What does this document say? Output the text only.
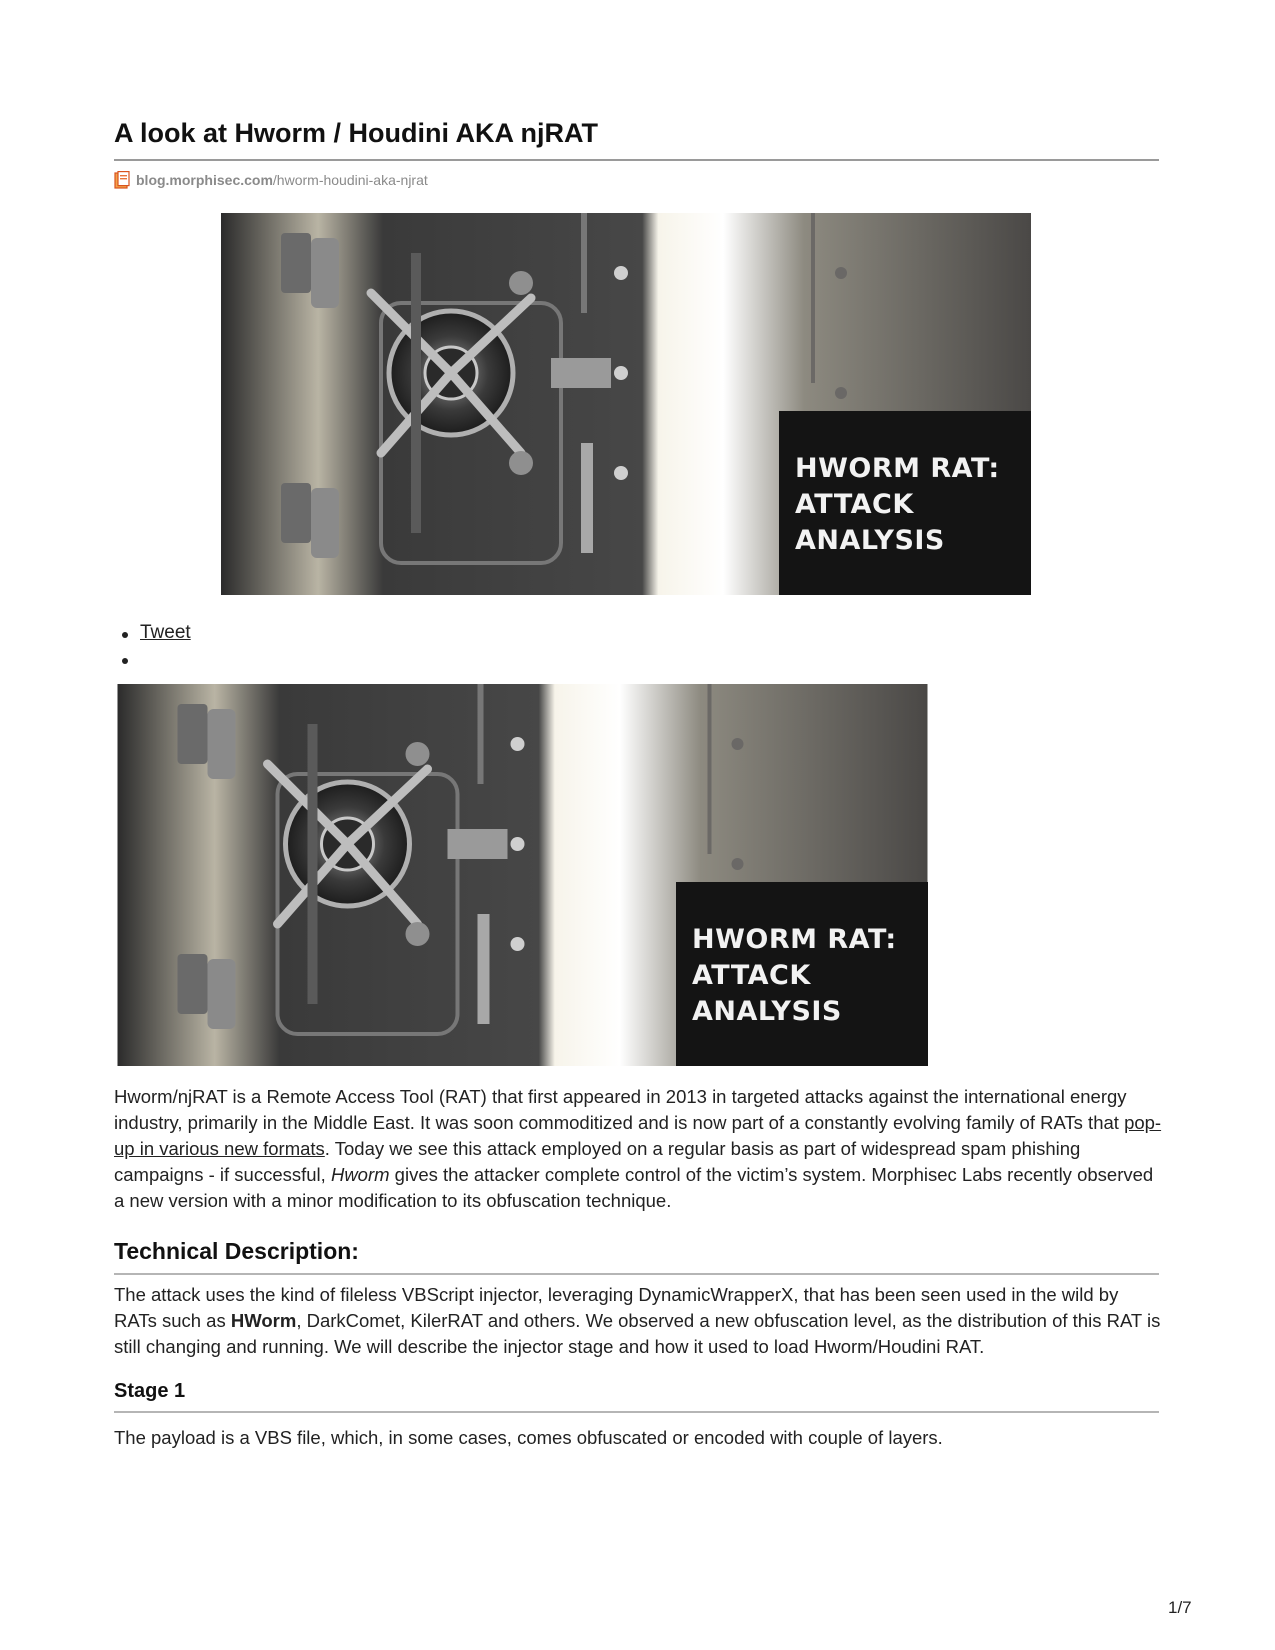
A look at Hworm / Houdini AKA njRAT
blog.morphisec.com /hworm-houdini-aka-njrat
HWORM RAT:
ATTACK
ANALYSIS
Tweet
HWORM RAT:
ATTACK
ANALYSIS

Hworm/njRAT is a Remote Access Tool (RAT) that first appeared in 2013 in targeted attacks against the international energy industry, primarily in the Middle East. It was soon commoditized and is now part of a constantly evolving family of RATs that pop-up in various new formats. Today we see this attack employed on a regular basis as part of widespread spam phishing campaigns - if successful, Hworm gives the attacker complete control of the victim’s system. Morphisec Labs recently observed a new version with a minor modification to its obfuscation technique.

Technical Description:

The attack uses the kind of fileless VBScript injector, leveraging DynamicWrapperX, that has been seen used in the wild by RATs such as HWorm, DarkComet, KilerRAT and others. We observed a new obfuscation level, as the distribution of this RAT is still changing and running. We will describe the injector stage and how it used to load Hworm/Houdini RAT.

Stage 1

The payload is a VBS file, which, in some cases, comes obfuscated or encoded with couple of layers.

1/7
